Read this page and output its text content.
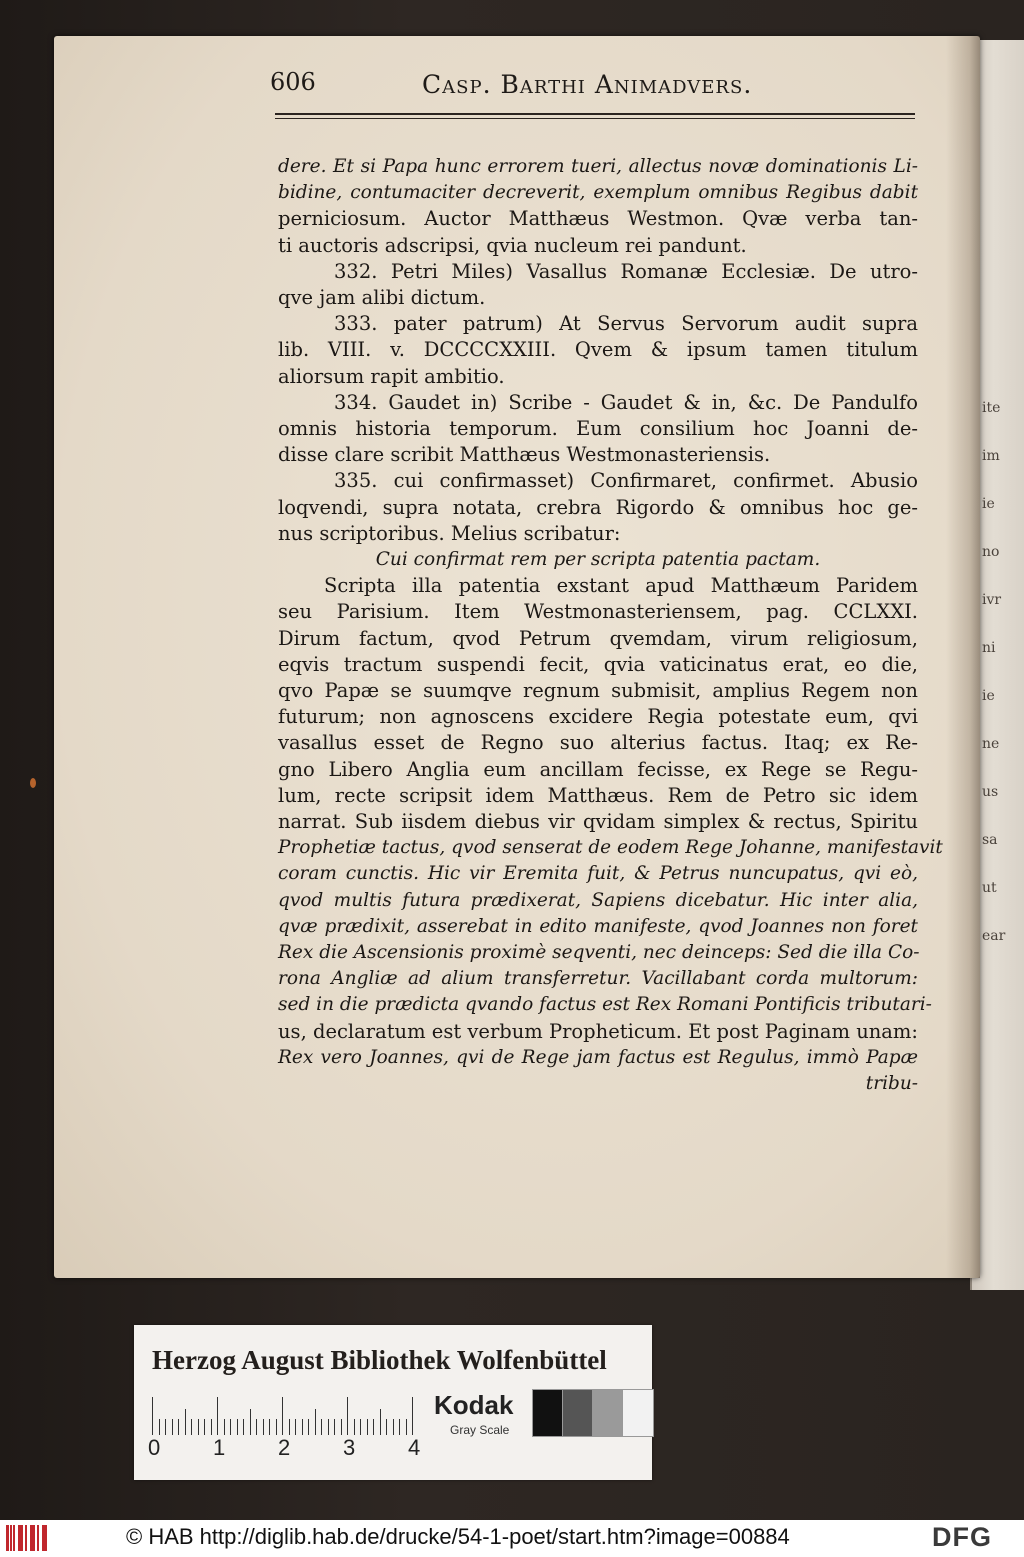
ite
im
ie
no
ivr
ni
ie
ne
us
sa
ut
ear
606	Casp. Barthi Animadvers.
dere. Et si Papa hunc errorem tueri, allectus novæ dominationis Li-
bidine, contumaciter decreverit, exemplum omnibus Regibus dabit
perniciosum. Auctor Matthæus Westmon. Qvæ verba tan-
ti auctoris adscripsi, qvia nucleum rei pandunt.
332. Petri Miles) Vasallus Romanæ Ecclesiæ. De utro-
qve jam alibi dictum.
333. pater patrum) At Servus Servorum audit supra
lib. VIII. v. DCCCCXXIII. Qvem & ipsum tamen titulum
aliorsum rapit ambitio.
334. Gaudet in) Scribe - Gaudet & in, &c. De Pandulfo
omnis historia temporum. Eum consilium hoc Joanni de-
disse clare scribit Matthæus Westmonasteriensis.
335. cui confirmasset) Confirmaret, confirmet. Abusio
loqvendi, supra notata, crebra Rigordo & omnibus hoc ge-
nus scriptoribus. Melius scribatur:
Cui confirmat rem per scripta patentia pactam.
Scripta illa patentia exstant apud Matthæum Paridem
seu Parisium. Item Westmonasteriensem, pag. CCLXXI.
Dirum factum, qvod Petrum qvemdam, virum religiosum,
eqvis tractum suspendi fecit, qvia vaticinatus erat, eo die,
qvo Papæ se suumqve regnum submisit, amplius Regem non
futurum; non agnoscens excidere Regia potestate eum, qvi
vasallus esset de Regno suo alterius factus. Itaq; ex Re-
gno Libero Anglia eum ancillam fecisse, ex Rege se Regu-
lum, recte scripsit idem Matthæus. Rem de Petro sic idem
narrat. Sub iisdem diebus vir qvidam simplex & rectus, Spiritu
Prophetiæ tactus, qvod senserat de eodem Rege Johanne, manifestavit
coram cunctis. Hic vir Eremita fuit, & Petrus nuncupatus, qvi eò,
qvod multis futura prædixerat, Sapiens dicebatur. Hic inter alia,
qvæ prædixit, asserebat in edito manifeste, qvod Joannes non foret
Rex die Ascensionis proximè seqventi, nec deinceps: Sed die illa Co-
rona Angliæ ad alium transferretur. Vacillabant corda multorum:
sed in die prædicta qvando factus est Rex Romani Pontificis tributari-
us, declaratum est verbum Propheticum. Et post Paginam unam:
Rex vero Joannes, qvi de Rege jam factus est Regulus, immò Papæ
tribu-
Herzog August Bibliothek Wolfenbüttel
0 1 2 3 4
Kodak
Gray Scale
© HAB http://diglib.hab.de/drucke/54-1-poet/start.htm?image=00884	DFG
